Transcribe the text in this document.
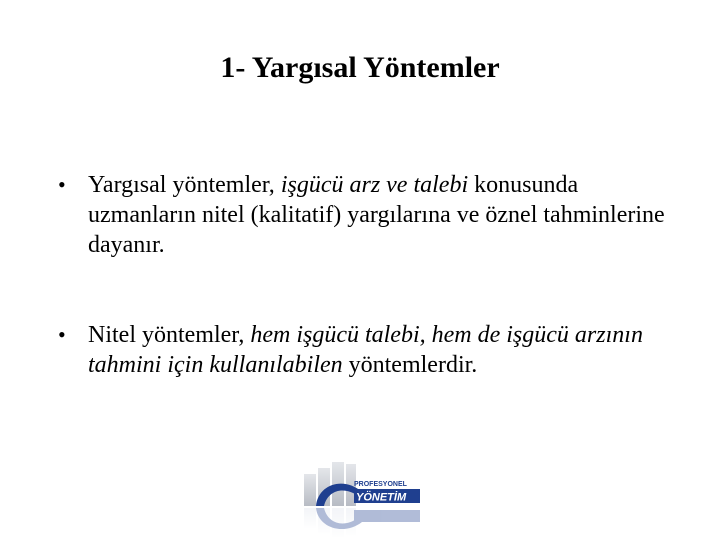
1- Yargısal Yöntemler
• Yargısal yöntemler, işgücü arz ve talebi konusunda uzmanların nitel (kalitatif) yargılarına ve öznel tahminlerine dayanır.
• Nitel yöntemler, hem işgücü talebi, hem de işgücü arzının tahmini için kullanılabilen yöntemlerdir.
PROFESYONEL
YÖNETİM
